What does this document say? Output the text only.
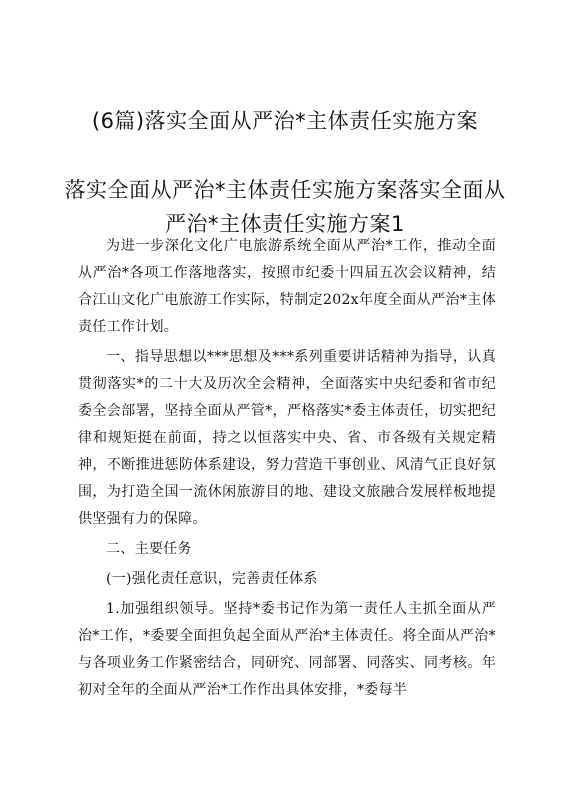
(6篇)落实全面从严治*主体责任实施方案
落实全面从严治*主体责任实施方案落实全面从严治*主体责任实施方案1

为进一步深化文化广电旅游系统全面从严治*工作，推动全面从严治*各项工作落地落实，按照市纪委十四届五次会议精神，结合江山文化广电旅游工作实际，特制定202x年度全面从严治*主体责任工作计划。

一、指导思想以***思想及***系列重要讲话精神为指导，认真贯彻落实*的二十大及历次全会精神，全面落实中央纪委和省市纪委全会部署，坚持全面从严管*，严格落实*委主体责任，切实把纪律和规矩挺在前面，持之以恒落实中央、省、市各级有关规定精神，不断推进惩防体系建设，努力营造干事创业、风清气正良好氛围，为打造全国一流休闲旅游目的地、建设文旅融合发展样板地提供坚强有力的保障。

二、主要任务

(一)强化责任意识，完善责任体系

1.加强组织领导。坚持*委书记作为第一责任人主抓全面从严治*工作，*委要全面担负起全面从严治*主体责任。将全面从严治*与各项业务工作紧密结合，同研究、同部署、同落实、同考核。年初对全年的全面从严治*工作作出具体安排，*委每半
